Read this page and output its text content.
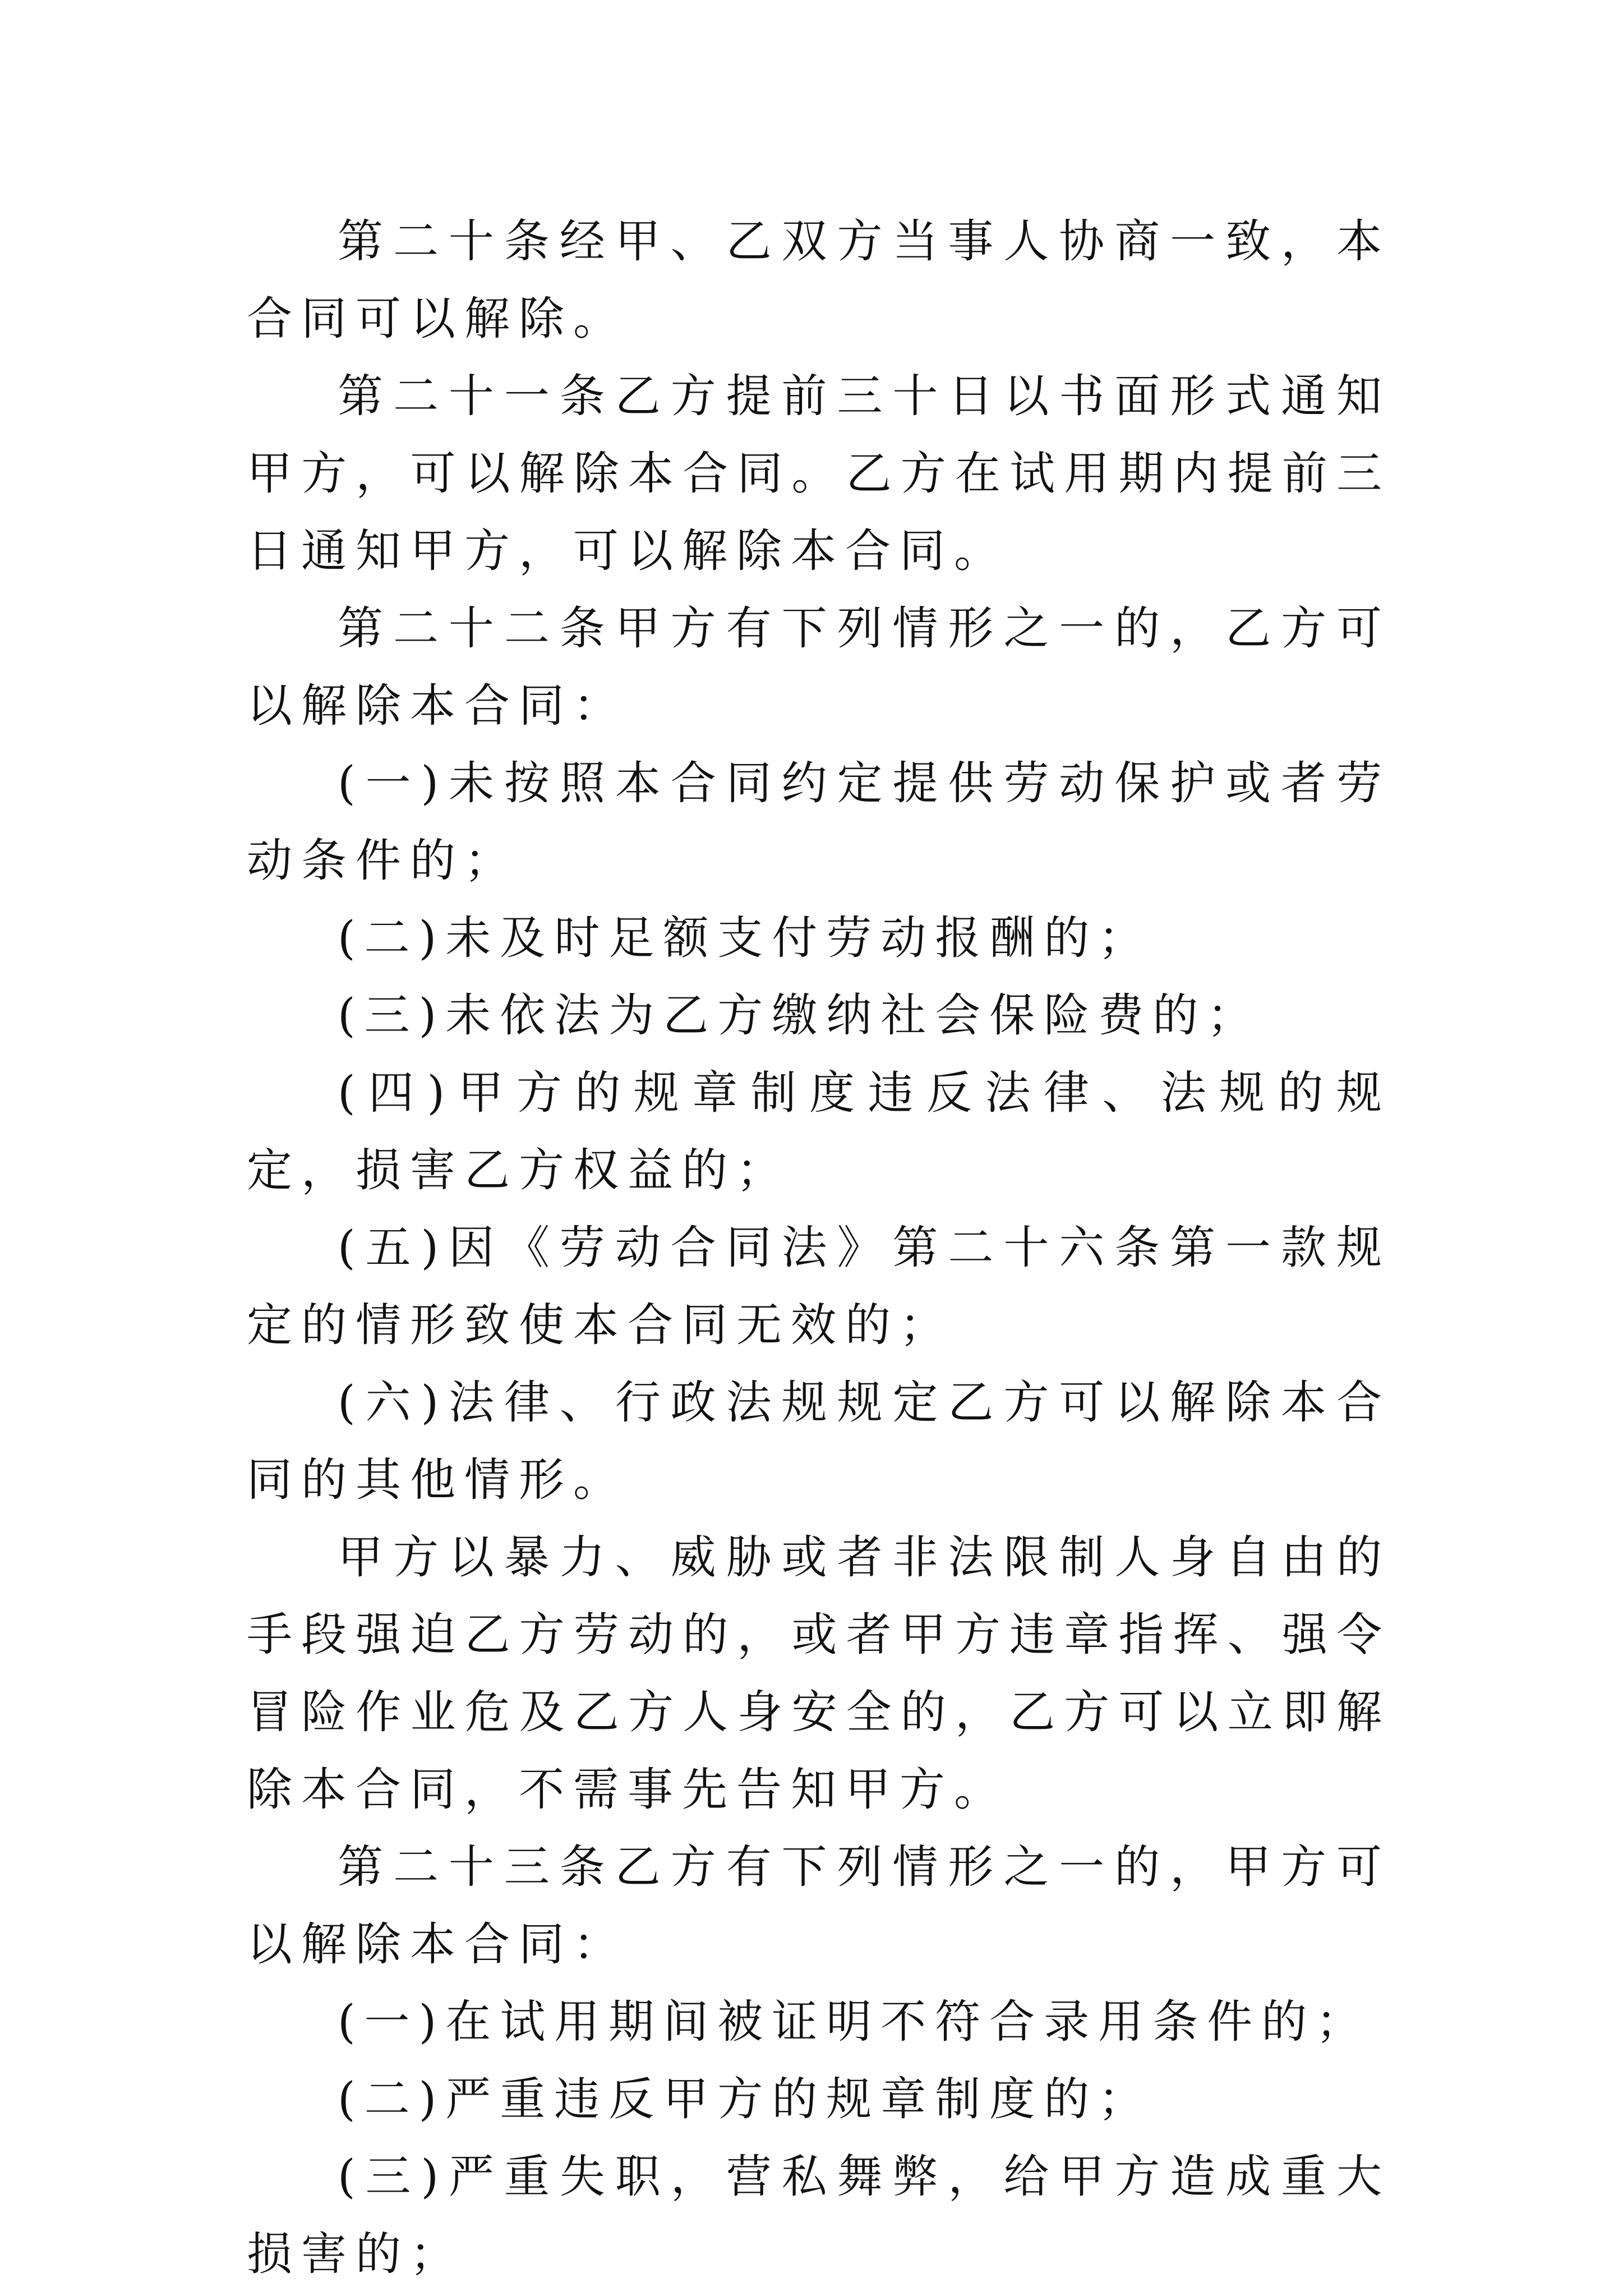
第二十条经甲、乙双方当事人协商一致，本合同可以解除。

第二十一条乙方提前三十日以书面形式通知甲方，可以解除本合同。乙方在试用期内提前三日通知甲方，可以解除本合同。

第二十二条甲方有下列情形之一的，乙方可以解除本合同：

(一)未按照本合同约定提供劳动保护或者劳动条件的；

(二)未及时足额支付劳动报酬的；

(三)未依法为乙方缴纳社会保险费的；

(四)甲方的规章制度违反法律、法规的规定，损害乙方权益的；

(五)因《劳动合同法》第二十六条第一款规定的情形致使本合同无效的；

(六)法律、行政法规规定乙方可以解除本合同的其他情形。

甲方以暴力、威胁或者非法限制人身自由的手段强迫乙方劳动的，或者甲方违章指挥、强令冒险作业危及乙方人身安全的，乙方可以立即解除本合同，不需事先告知甲方。

第二十三条乙方有下列情形之一的，甲方可以解除本合同：

(一)在试用期间被证明不符合录用条件的；

(二)严重违反甲方的规章制度的；

(三)严重失职，营私舞弊，给甲方造成重大损害的；
